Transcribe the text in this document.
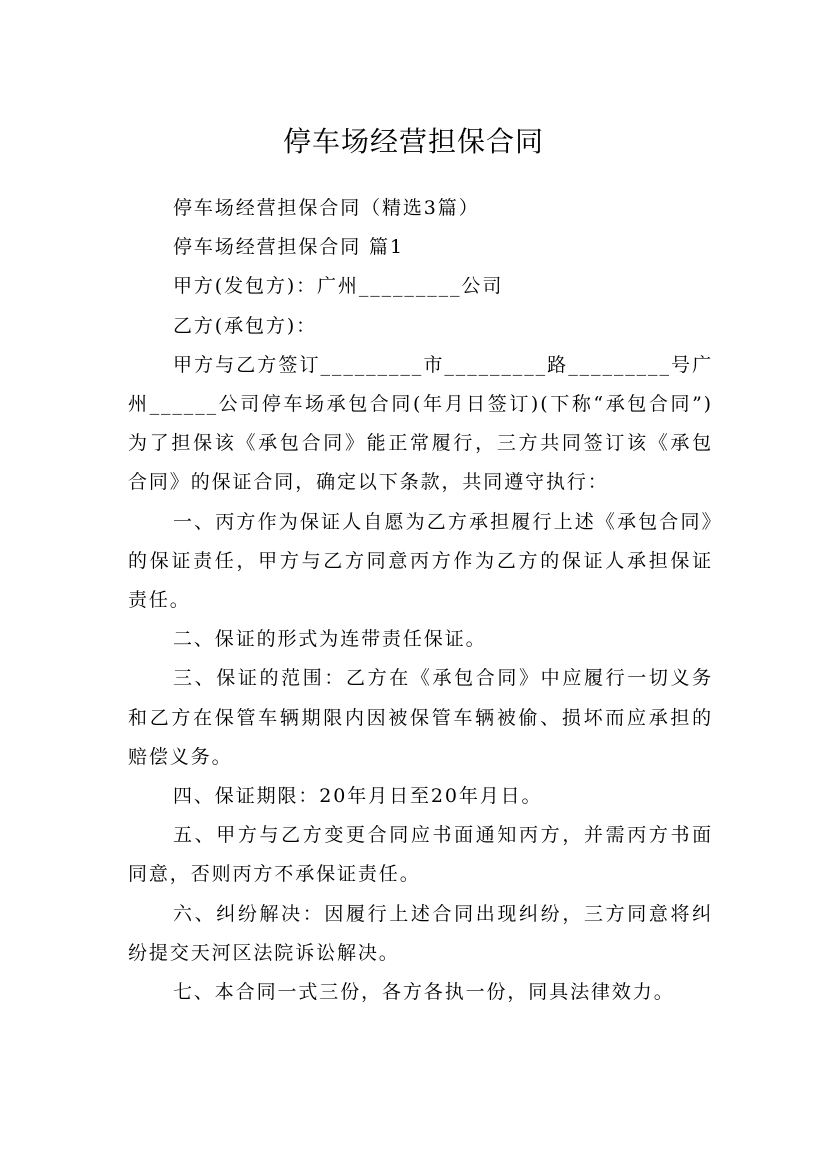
停车场经营担保合同

停车场经营担保合同（精选3篇）

停车场经营担保合同 篇1

甲方(发包方)：广州_________公司

乙方(承包方)：

甲方与乙方签订_________市_________路_________号广州______公司停车场承包合同(年月日签订)(下称“承包合同”)为了担保该《承包合同》能正常履行，三方共同签订该《承包合同》的保证合同，确定以下条款，共同遵守执行：

一、丙方作为保证人自愿为乙方承担履行上述《承包合同》的保证责任，甲方与乙方同意丙方作为乙方的保证人承担保证责任。

二、保证的形式为连带责任保证。

三、保证的范围：乙方在《承包合同》中应履行一切义务和乙方在保管车辆期限内因被保管车辆被偷、损坏而应承担的赔偿义务。

四、保证期限：20年月日至20年月日。

五、甲方与乙方变更合同应书面通知丙方，并需丙方书面同意，否则丙方不承保证责任。

六、纠纷解决：因履行上述合同出现纠纷，三方同意将纠纷提交天河区法院诉讼解决。

七、本合同一式三份，各方各执一份，同具法律效力。
